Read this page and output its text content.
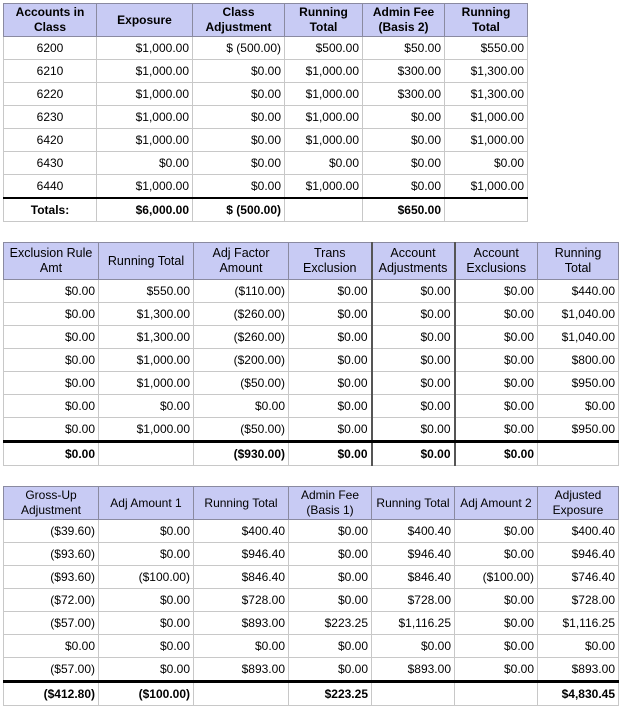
Accounts in Class	Exposure	Class Adjustment	Running Total	Admin Fee (Basis 2)	Running Total
6200	$1,000.00	$ (500.00)	$500.00	$50.00	$550.00
6210	$1,000.00	$0.00	$1,000.00	$300.00	$1,300.00
6220	$1,000.00	$0.00	$1,000.00	$300.00	$1,300.00
6230	$1,000.00	$0.00	$1,000.00	$0.00	$1,000.00
6420	$1,000.00	$0.00	$1,000.00	$0.00	$1,000.00
6430	$0.00	$0.00	$0.00	$0.00	$0.00
6440	$1,000.00	$0.00	$1,000.00	$0.00	$1,000.00
Totals:	$6,000.00	$ (500.00)		$650.00	
Exclusion Rule Amt	Running Total	Adj Factor Amount	Trans Exclusion	Account Adjustments	Account Exclusions	Running Total
$0.00	$550.00	($110.00)	$0.00	$0.00	$0.00	$440.00
$0.00	$1,300.00	($260.00)	$0.00	$0.00	$0.00	$1,040.00
$0.00	$1,300.00	($260.00)	$0.00	$0.00	$0.00	$1,040.00
$0.00	$1,000.00	($200.00)	$0.00	$0.00	$0.00	$800.00
$0.00	$1,000.00	($50.00)	$0.00	$0.00	$0.00	$950.00
$0.00	$0.00	$0.00	$0.00	$0.00	$0.00	$0.00
$0.00	$1,000.00	($50.00)	$0.00	$0.00	$0.00	$950.00
$0.00		($930.00)	$0.00	$0.00	$0.00	
Gross-Up Adjustment	Adj Amount 1	Running Total	Admin Fee (Basis 1)	Running Total	Adj Amount 2	Adjusted Exposure
($39.60)	$0.00	$400.40	$0.00	$400.40	$0.00	$400.40
($93.60)	$0.00	$946.40	$0.00	$946.40	$0.00	$946.40
($93.60)	($100.00)	$846.40	$0.00	$846.40	($100.00)	$746.40
($72.00)	$0.00	$728.00	$0.00	$728.00	$0.00	$728.00
($57.00)	$0.00	$893.00	$223.25	$1,116.25	$0.00	$1,116.25
$0.00	$0.00	$0.00	$0.00	$0.00	$0.00	$0.00
($57.00)	$0.00	$893.00	$0.00	$893.00	$0.00	$893.00
($412.80)	($100.00)		$223.25			$4,830.45
